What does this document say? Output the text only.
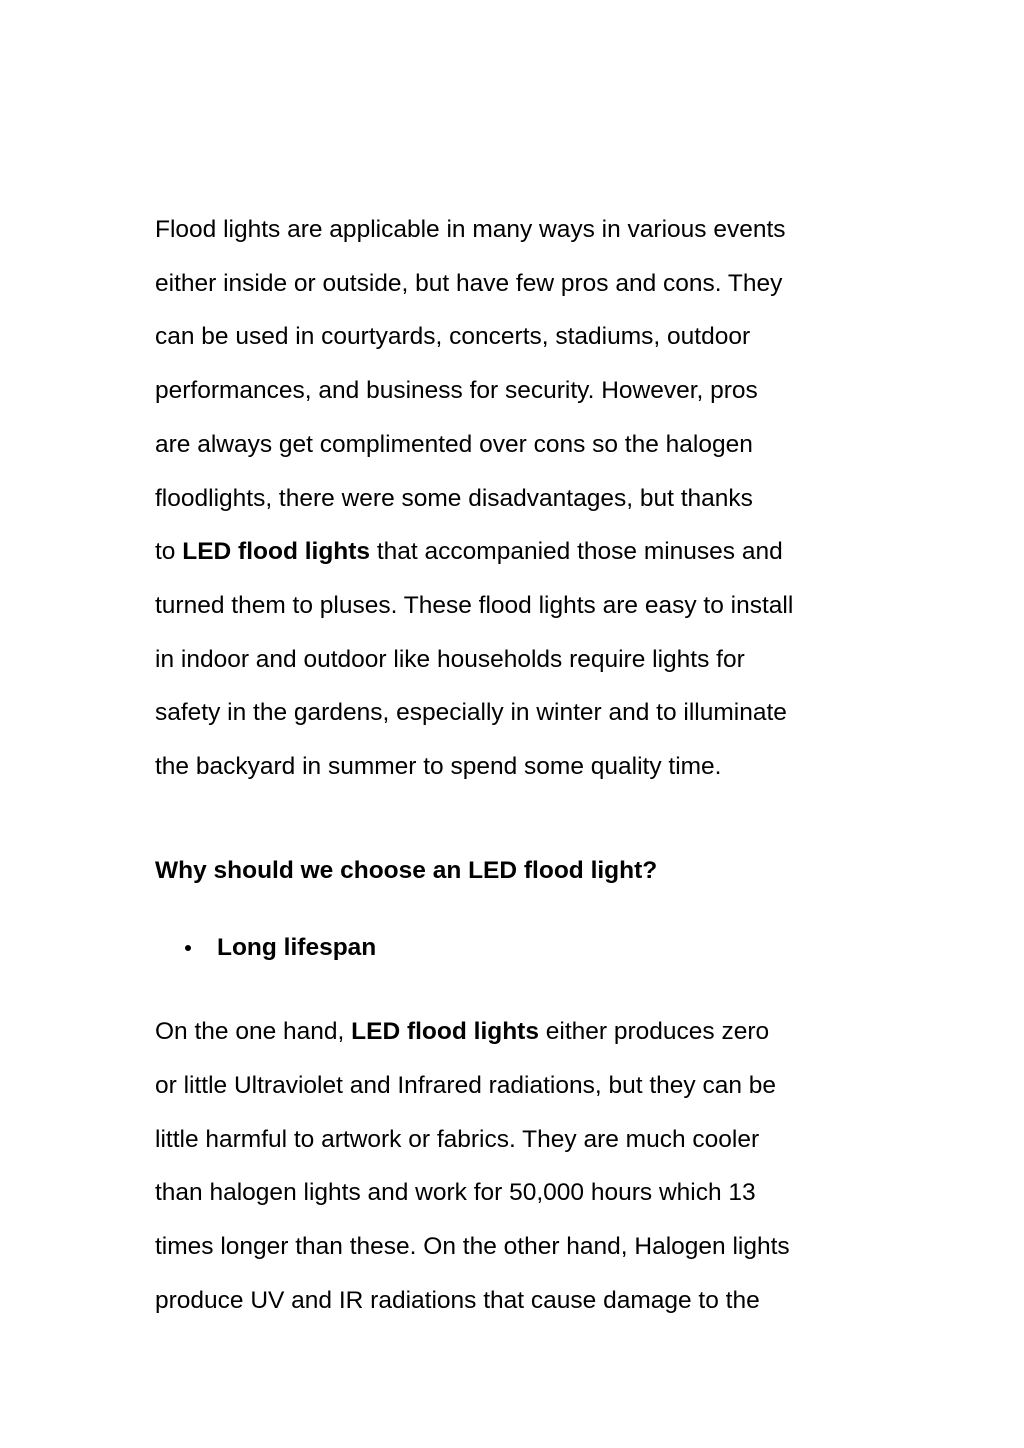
Flood lights are applicable in many ways in various events
either inside or outside, but have few pros and cons. They
can be used in courtyards, concerts, stadiums, outdoor
performances, and business for security. However, pros
are always get complimented over cons so the halogen
floodlights, there were some disadvantages, but thanks
to LED flood lights that accompanied those minuses and
turned them to pluses. These flood lights are easy to install
in indoor and outdoor like households require lights for
safety in the gardens, especially in winter and to illuminate
the backyard in summer to spend some quality time.

Why should we choose an LED flood light?
Long lifespan

On the one hand, LED flood lights either produces zero
or little Ultraviolet and Infrared radiations, but they can be
little harmful to artwork or fabrics. They are much cooler
than halogen lights and work for 50,000 hours which 13
times longer than these. On the other hand, Halogen lights
produce UV and IR radiations that cause damage to the
